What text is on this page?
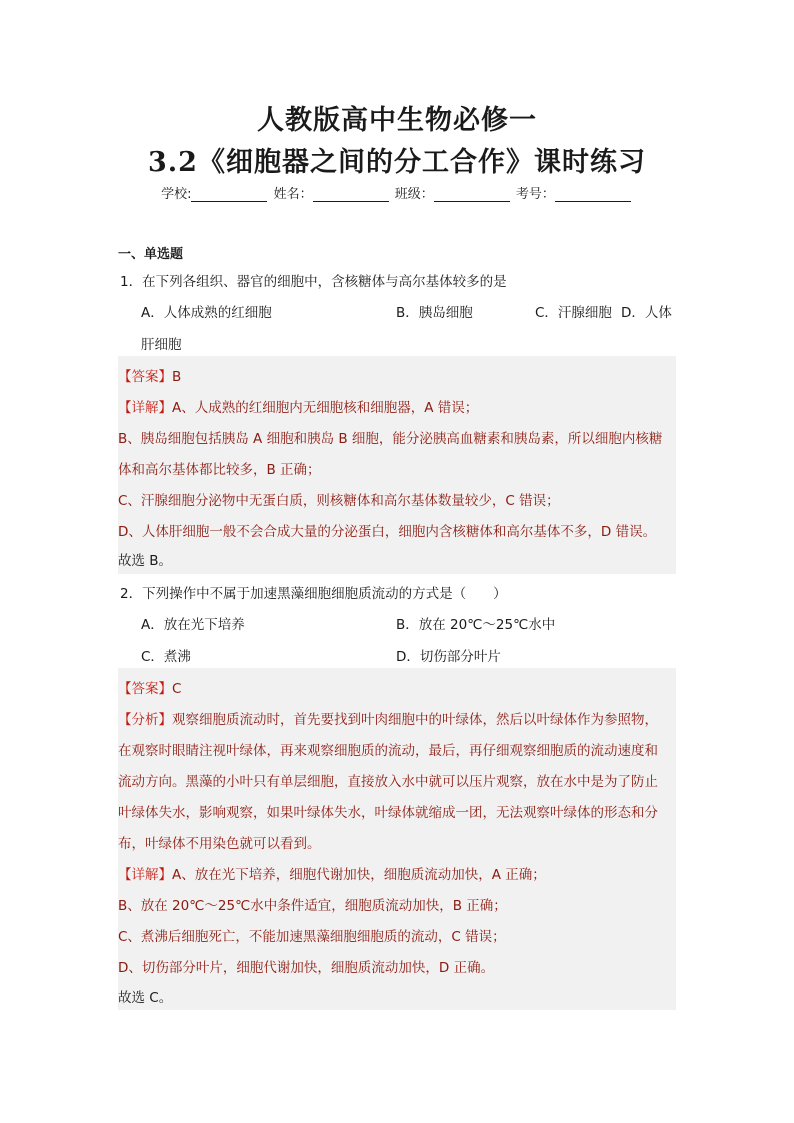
人教版高中生物必修一
3.2《细胞器之间的分工合作》课时练习
学校:	姓名：	班级：	考号：
一、单选题
1．在下列各组织、器官的细胞中，含核糖体与高尔基体较多的是
A．人体成熟的红细胞	B．胰岛细胞	C．汗腺细胞 D．人体
肝细胞
【答案】B
【详解】A、人成熟的红细胞内无细胞核和细胞器，A 错误；
B、胰岛细胞包括胰岛 A 细胞和胰岛 B 细胞，能分泌胰高血糖素和胰岛素，所以细胞内核糖
体和高尔基体都比较多，B 正确；
C、汗腺细胞分泌物中无蛋白质，则核糖体和高尔基体数量较少，C 错误；
D、人体肝细胞一般不会合成大量的分泌蛋白，细胞内含核糖体和高尔基体不多，D 错误。
故选 B。
2．下列操作中不属于加速黑藻细胞细胞质流动的方式是（　　）
A．放在光下培养	B．放在 20℃～25℃水中
C．煮沸	D．切伤部分叶片
【答案】C
【分析】观察细胞质流动时，首先要找到叶肉细胞中的叶绿体，然后以叶绿体作为参照物，
在观察时眼睛注视叶绿体，再来观察细胞质的流动，最后，再仔细观察细胞质的流动速度和
流动方向。黑藻的小叶只有单层细胞，直接放入水中就可以压片观察，放在水中是为了防止
叶绿体失水，影响观察，如果叶绿体失水，叶绿体就缩成一团，无法观察叶绿体的形态和分
布，叶绿体不用染色就可以看到。
【详解】A、放在光下培养，细胞代谢加快，细胞质流动加快，A 正确；
B、放在 20℃～25℃水中条件适宜，细胞质流动加快，B 正确；
C、煮沸后细胞死亡，不能加速黑藻细胞细胞质的流动，C 错误；
D、切伤部分叶片，细胞代谢加快，细胞质流动加快，D 正确。
故选 C。
